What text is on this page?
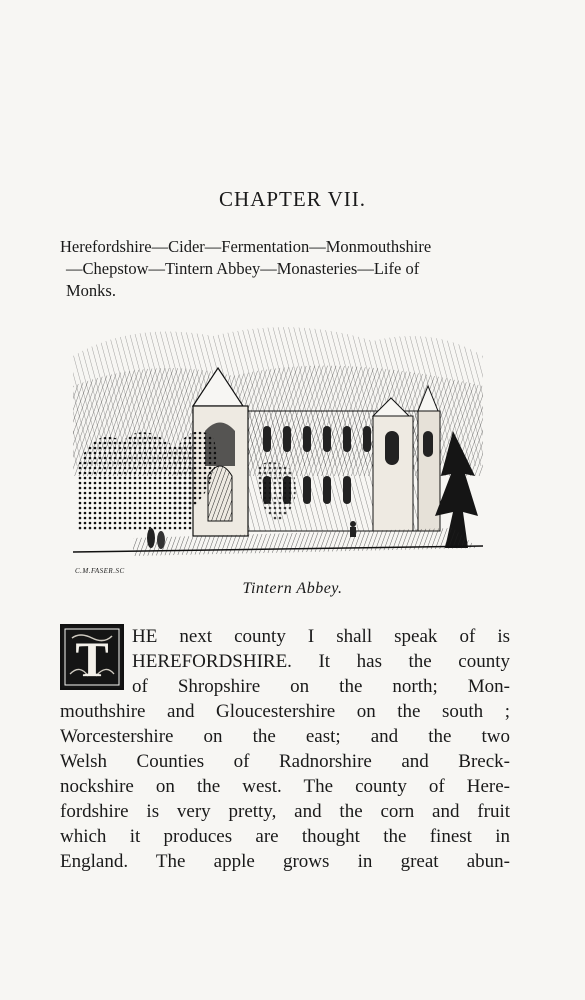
CHAPTER VII.
Herefordshire—Cider—Fermentation—Monmouthshire
—Chepstow—Tintern Abbey—Monasteries—Life of
Monks.
C.M.FASER.SC
Tintern Abbey.
T	HE next county I shall speak of is
HEREFORDSHIRE. It has the county
of Shropshire on the north; Mon-
mouthshire and Gloucestershire on the south ;
Worcestershire on the east; and the two
Welsh Counties of Radnorshire and Breck-
nockshire on the west. The county of Here-
fordshire is very pretty, and the corn and fruit
which it produces are thought the finest in
England. The apple grows in great abun-
